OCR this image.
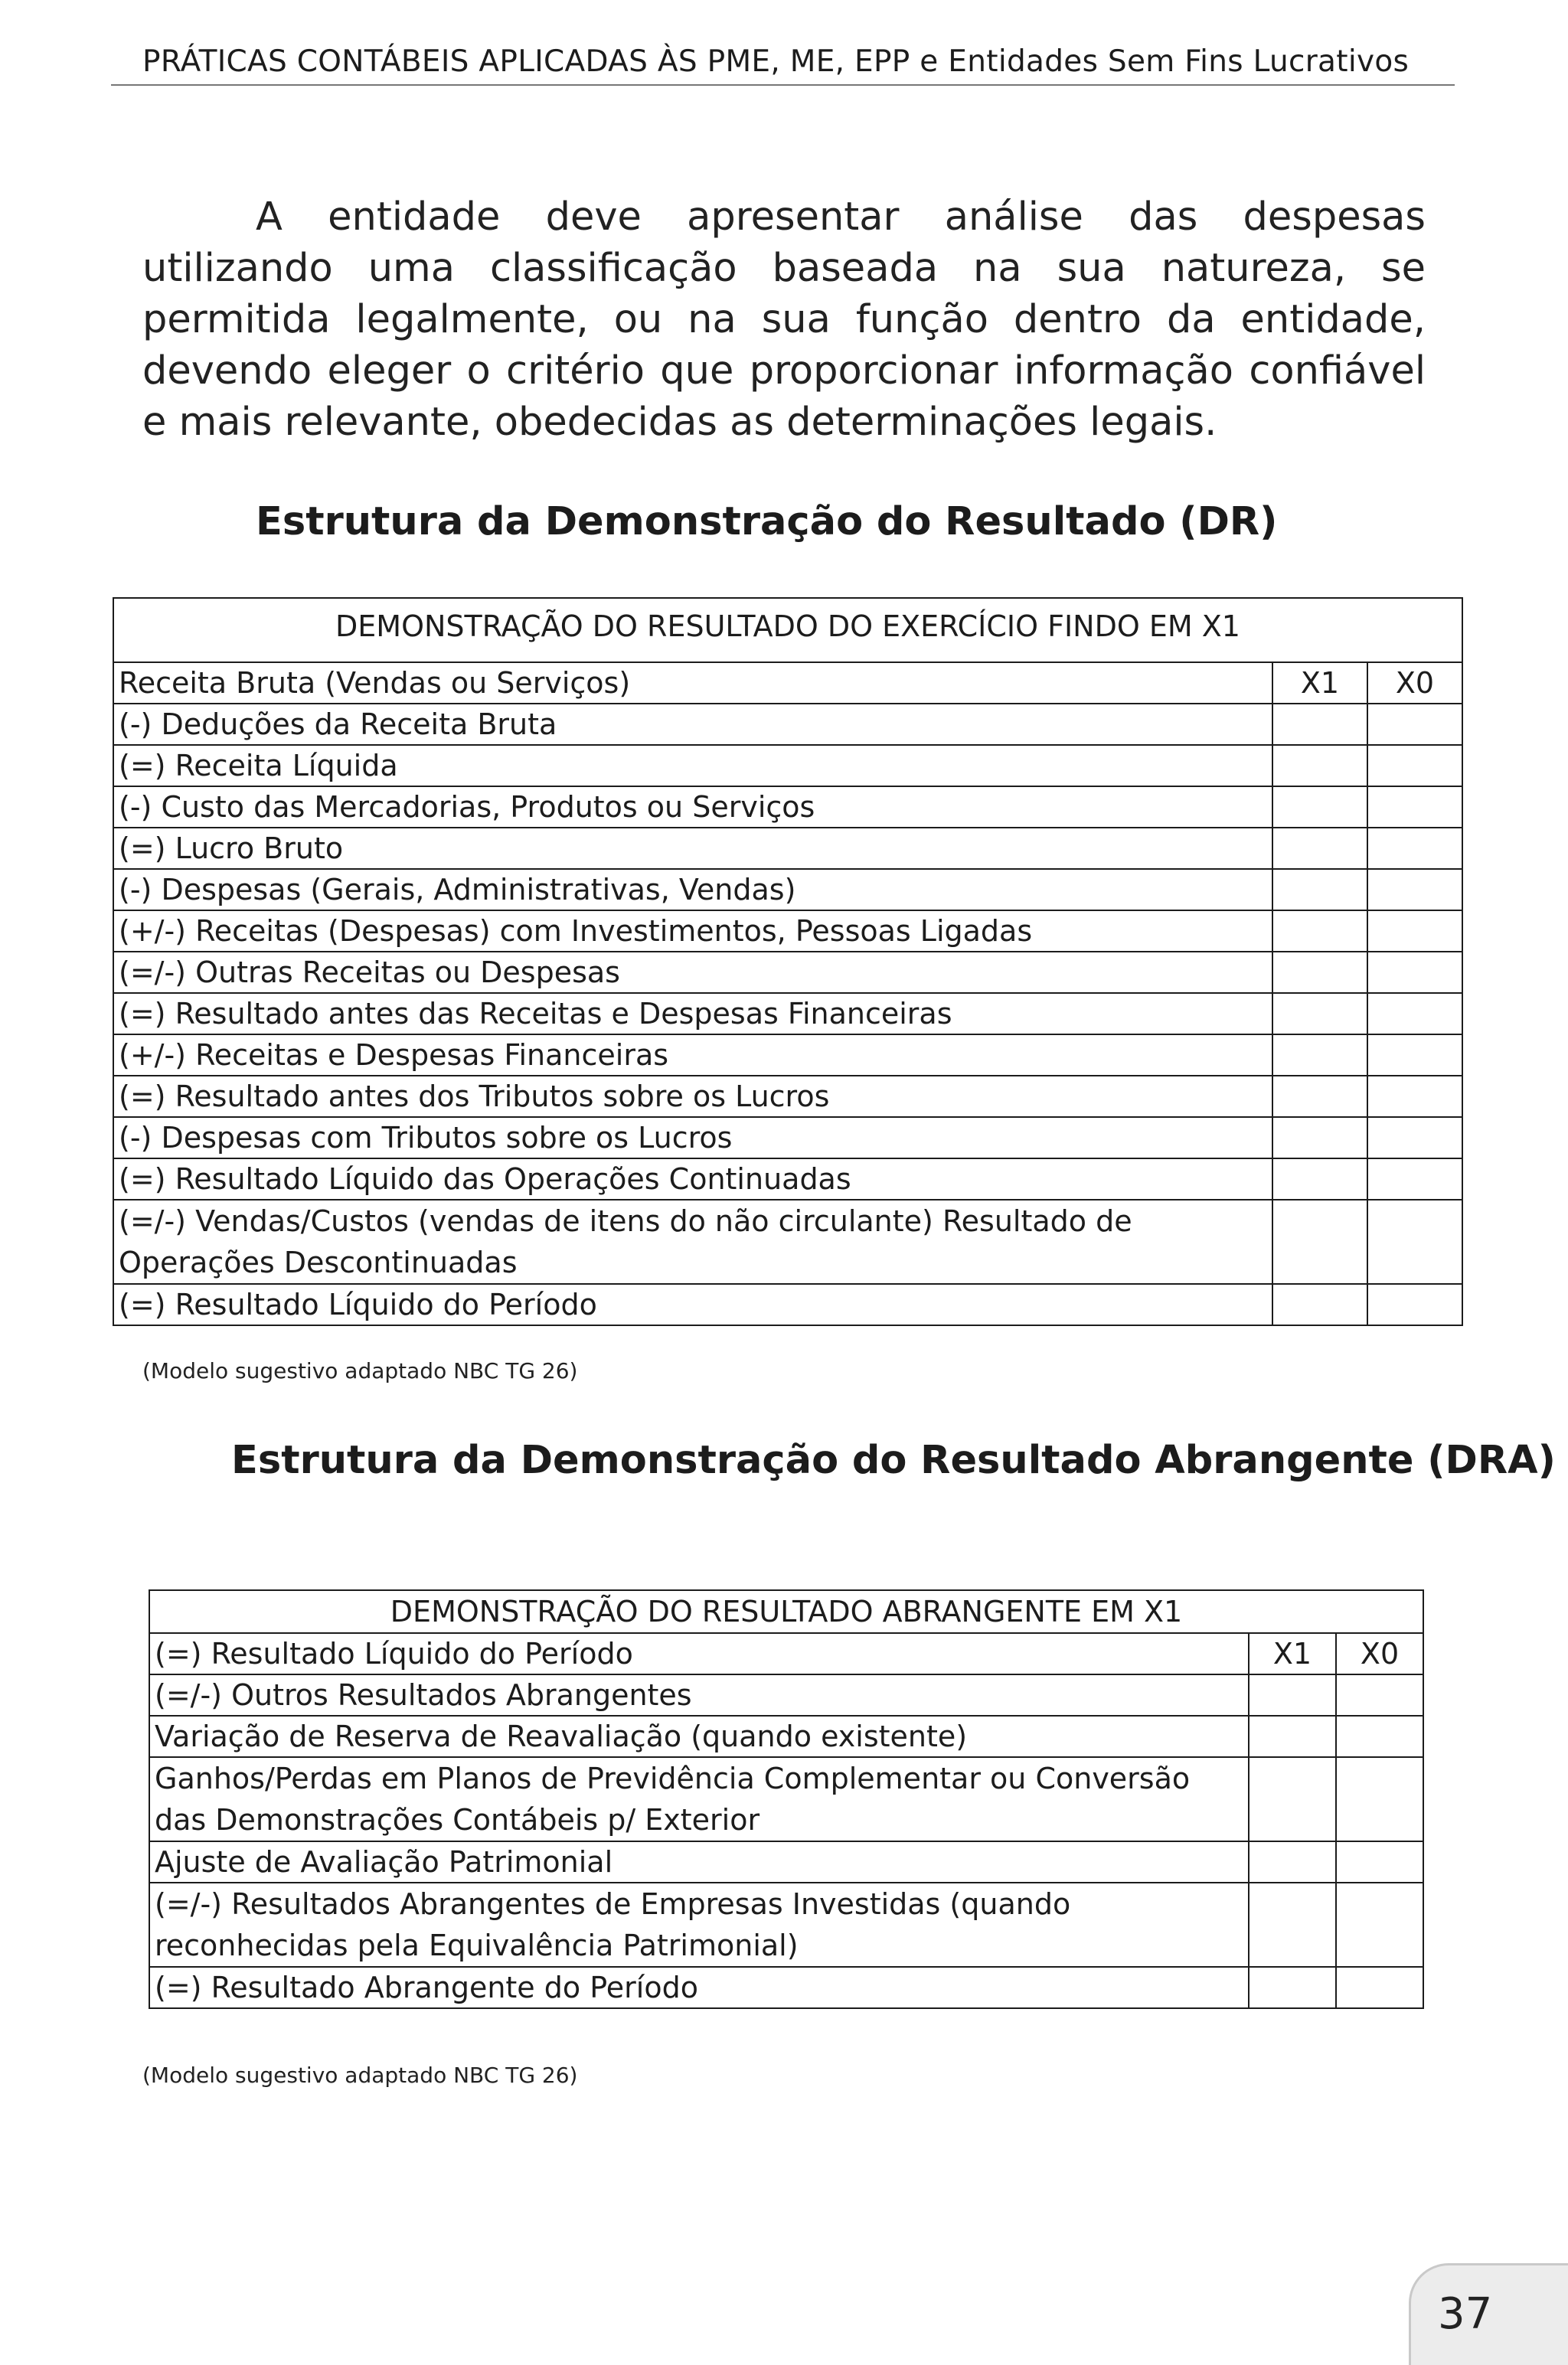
PRÁTICAS CONTÁBEIS APLICADAS ÀS PME, ME, EPP e Entidades Sem Fins Lucrativos

A entidade deve apresentar análise das despesas utilizando uma classificação baseada na sua natureza, se permitida legalmente, ou na sua função dentro da entidade, devendo eleger o critério que proporcionar informação confiável e mais relevante, obedecidas as determinações legais.

Estrutura da Demonstração do Resultado (DR)
DEMONSTRAÇÃO DO RESULTADO DO EXERCÍCIO FINDO EM X1		
Receita Bruta (Vendas ou Serviços)	X1	X0
(-) Deduções da Receita Bruta		
(=) Receita Líquida		
(-) Custo das Mercadorias, Produtos ou Serviços		
(=) Lucro Bruto		
(-) Despesas (Gerais, Administrativas, Vendas)		
(+/-) Receitas (Despesas) com Investimentos, Pessoas Ligadas		
(=/-) Outras Receitas ou Despesas		
(=) Resultado antes das Receitas e Despesas Financeiras		
(+/-) Receitas e Despesas Financeiras		
(=) Resultado antes dos Tributos sobre os Lucros		
(-) Despesas com Tributos sobre os Lucros		
(=) Resultado Líquido das Operações Continuadas		
(=/-) Vendas/Custos (vendas de itens do não circulante) Resultado de Operações Descontinuadas		
(=) Resultado Líquido do Período		
(Modelo sugestivo adaptado NBC TG 26)
Estrutura da Demonstração do Resultado Abrangente (DRA)
DEMONSTRAÇÃO DO RESULTADO ABRANGENTE EM X1		
(=) Resultado Líquido do Período	X1	X0
(=/-) Outros Resultados Abrangentes		
Variação de Reserva de Reavaliação (quando existente)		
Ganhos/Perdas em Planos de Previdência Complementar ou Conversão das Demonstrações Contábeis p/ Exterior		
Ajuste de Avaliação Patrimonial		
(=/-) Resultados Abrangentes de Empresas Investidas (quando reconhecidas pela Equivalência Patrimonial)		
(=) Resultado Abrangente do Período		
(Modelo sugestivo adaptado NBC TG 26)
37
